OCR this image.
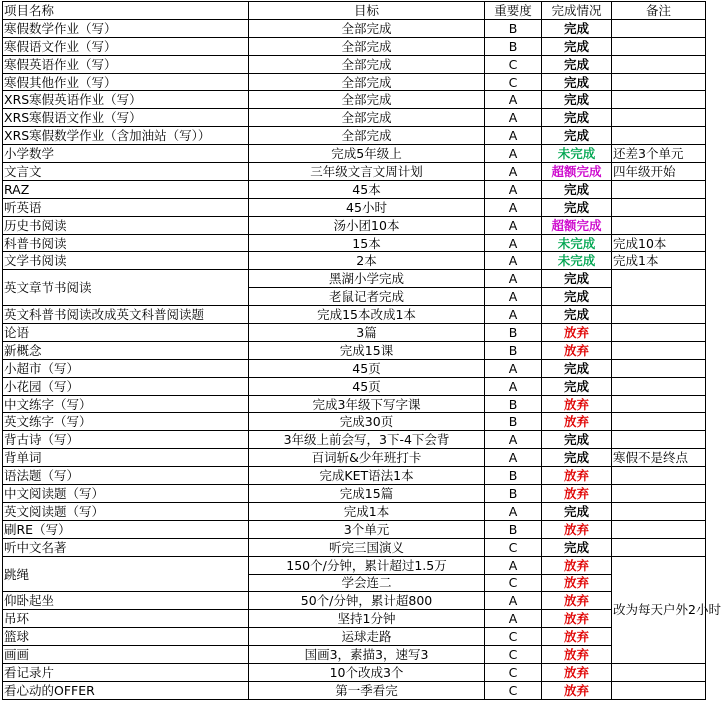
项目名称	目标	重要度	完成情况	备注	
寒假数学作业（写）	全部完成	B	完成		
寒假语文作业（写）	全部完成	B	完成		
寒假英语作业（写）	全部完成	C	完成		
寒假其他作业（写）	全部完成	C	完成		
XRS寒假英语作业（写）	全部完成	A	完成		
XRS寒假语文作业（写）	全部完成	A	完成		
XRS寒假数学作业（含加油站（写））	全部完成	A	完成		
小学数学	完成5年级上	A	未完成	还差3个单元	
文言文	三年级文言文周计划	A	超额完成	四年级开始	
RAZ	45本	A	完成		
听英语	45小时	A	完成		
历史书阅读	汤小团10本	A	超额完成		
科普书阅读	15本	A	未完成	完成10本	
文学书阅读	2本	A	未完成	完成1本	
英文章节书阅读	黑湖小学完成	A	完成		
	老鼠记者完成	A	完成		
英文科普书阅读改成英文科普阅读题	完成15本改成1本	A	完成		
论语	3篇	B	放弃		
新概念	完成15课	B	放弃		
小超市（写）	45页	A	完成		
小花园（写）	45页	A	完成		
中文练字（写）	完成3年级下写字课	B	放弃		
英文练字（写）	完成30页	B	放弃		
背古诗（写）	3年级上前会写，3下-4下会背	A	完成		
背单词	百词斩&少年班打卡	A	完成	寒假不是终点	
语法题（写）	完成KET语法1本	B	放弃		
中文阅读题（写）	完成15篇	B	放弃		
英文阅读题（写）	完成1本	A	完成		
刷RE（写）	3个单元	B	放弃		
听中文名著	听完三国演义	C	完成		
跳绳	150个/分钟，累计超过1.5万	A	放弃	改为每天户外2小时	
	学会连二	C	放弃		
仰卧起坐	50个/分钟，累计超800	A	放弃		
吊环	坚持1分钟	A	放弃		
篮球	运球走路	C	放弃		
画画	国画3，素描3，速写3	C	放弃	
看记录片	10个改成3个	C	放弃		
看心动的OFFER	第一季看完	C	放弃		
